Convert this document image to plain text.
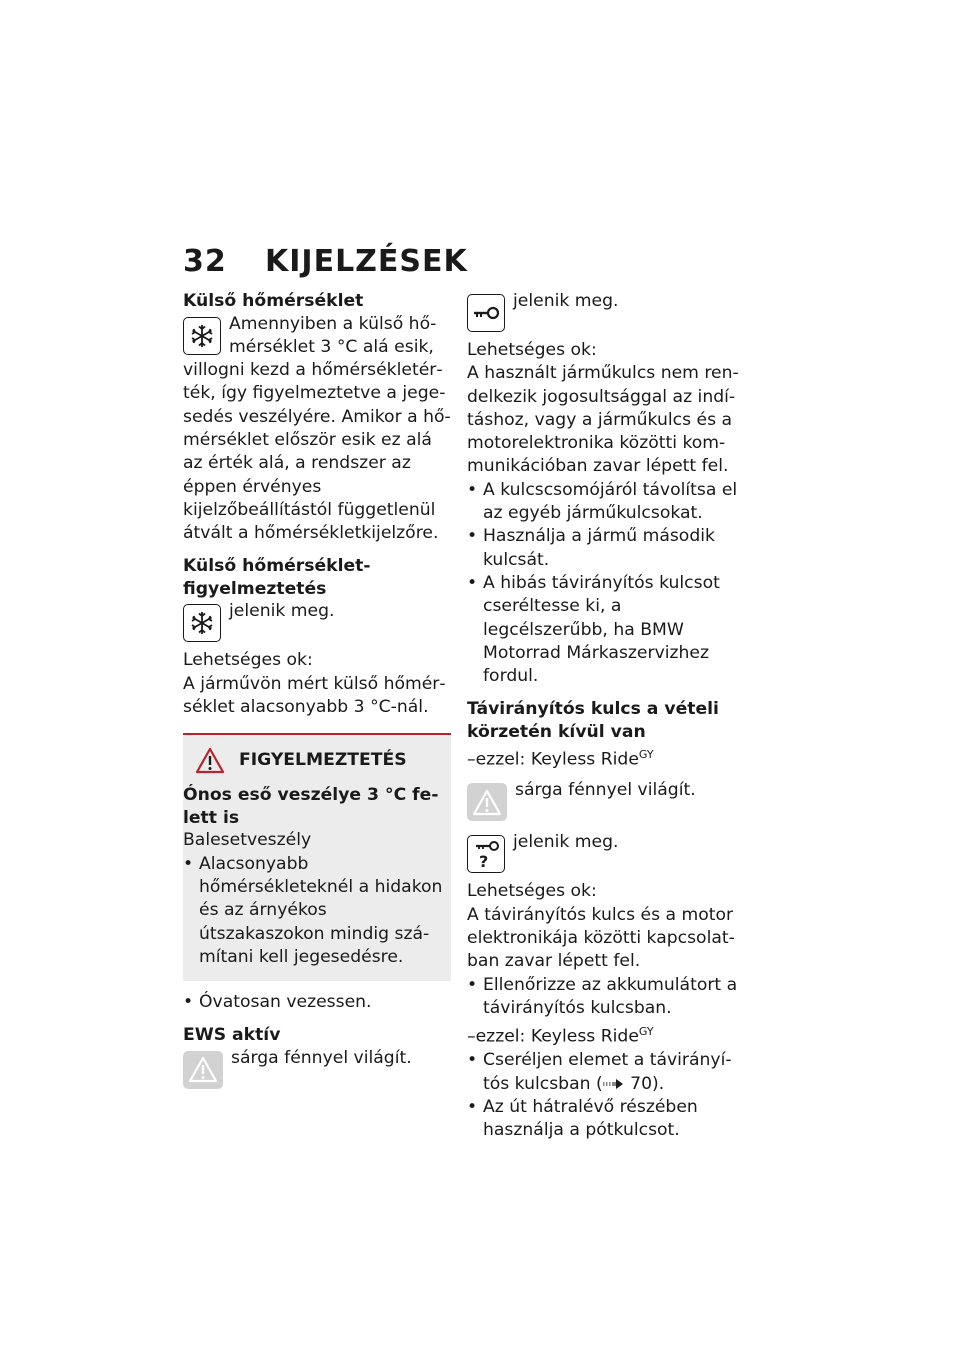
32 KIJELZÉSEK
Külső hőmérséklet
Amennyiben a külső hő-
mérséklet 3 °C alá esik,

villogni kezd a hőmérsékletérték, így figyelmeztetve a jegesedés veszélyére. Amikor a hőmérséklet először esik ez alá az érték alá, a rendszer az éppen érvényes kijelzőbeállítástól függetlenül átvált a hőmérsékletkijelzőre.

Külső hőmérséklet-figyelmeztetés
jelenik meg.

Lehetséges ok:

A járművön mért külső hőmérséklet alacsonyabb 3 °C-nál.

FIGYELMEZTETÉS
Ónos eső veszélye 3 °C felett is

Balesetveszély

• Alacsonyabb hőmérsékleteknél a hidakon és az árnyékos útszakaszokon mindig számítani kell jegesedésre.

• Óvatosan vezessen.

EWS aktív
sárga fénnyel világít.
jelenik meg.

Lehetséges ok:

A használt járműkulcs nem rendelkezik jogosultsággal az indításhoz, vagy a járműkulcs és a motorelektronika közötti kommunikációban zavar lépett fel.

• A kulcscsomójáról távolítsa el az egyéb járműkulcsokat.

• Használja a jármű második kulcsát.

• A hibás távirányítós kulcsot cseréltesse ki, a legcélszerűbb, ha BMW Motorrad Márkaszervizhez fordul.

Távirányítós kulcs a vételi körzetén kívül van

–ezzel: Keyless Ride$^{GY}$

sárga fénnyel világít.
?
jelenik meg.

Lehetséges ok:

A távirányítós kulcs és a motor elektronikája közötti kapcsolatban zavar lépett fel.

• Ellenőrizze az akkumulátort a távirányítós kulcsban.

–ezzel: Keyless Ride$^{GY}$

• Cseréljen elemet a távirányítós kulcsban ( 70).

• Az út hátralévő részében használja a pótkulcsot.
